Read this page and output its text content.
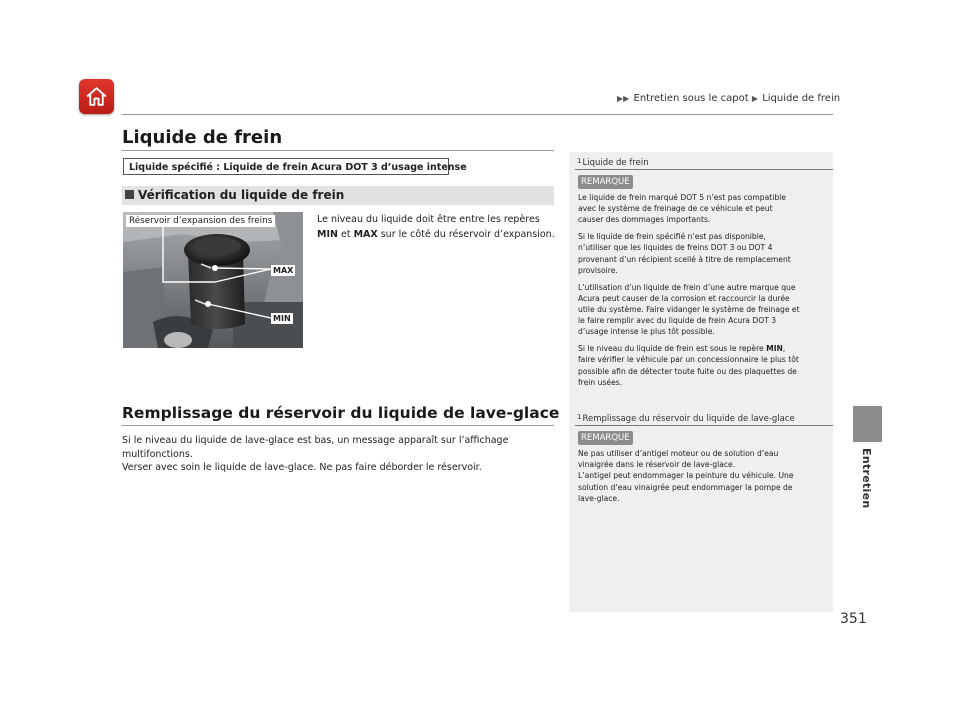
▶▶ Entretien sous le capot ▶ Liquide de frein
Entretien
Liquide de frein
Liquide spécifié : Liquide de frein Acura DOT 3 d’usage intense
Vérification du liquide de frein
Réservoir d’expansion des freins
MAX
MIN
Le niveau du liquide doit être entre les repères MIN et MAX sur le côté du réservoir d’expansion.
Remplissage du réservoir du liquide de lave-glace

Si le niveau du liquide de lave-glace est bas, un message apparaît sur l’affichage multifonctions.

Verser avec soin le liquide de lave-glace. Ne pas faire déborder le réservoir.

$^1$Liquide de frein
REMARQUE

Le liquide de frein marqué DOT 5 n’est pas compatible avec le système de freinage de ce véhicule et peut causer des dommages importants.

Si le liquide de frein spécifié n’est pas disponible, n’utiliser que les liquides de freins DOT 3 ou DOT 4 provenant d’un récipient scellé à titre de remplacement provisoire.

L’utilisation d’un liquide de frein d’une autre marque que Acura peut causer de la corrosion et raccourcir la durée utile du système. Faire vidanger le système de freinage et le faire remplir avec du liquide de frein Acura DOT 3 d’usage intense le plus tôt possible.

Si le niveau du liquide de frein est sous le repère MIN, faire vérifier le véhicule par un concessionnaire le plus tôt possible afin de détecter toute fuite ou des plaquettes de frein usées.

$^1$Remplissage du réservoir du liquide de lave-glace
REMARQUE
Ne pas utiliser d’antigel moteur ou de solution d’eau vinaigrée dans le réservoir de lave-glace.
L’antigel peut endommager la peinture du véhicule. Une solution d’eau vinaigrée peut endommager la pompe de lave-glace.
351
